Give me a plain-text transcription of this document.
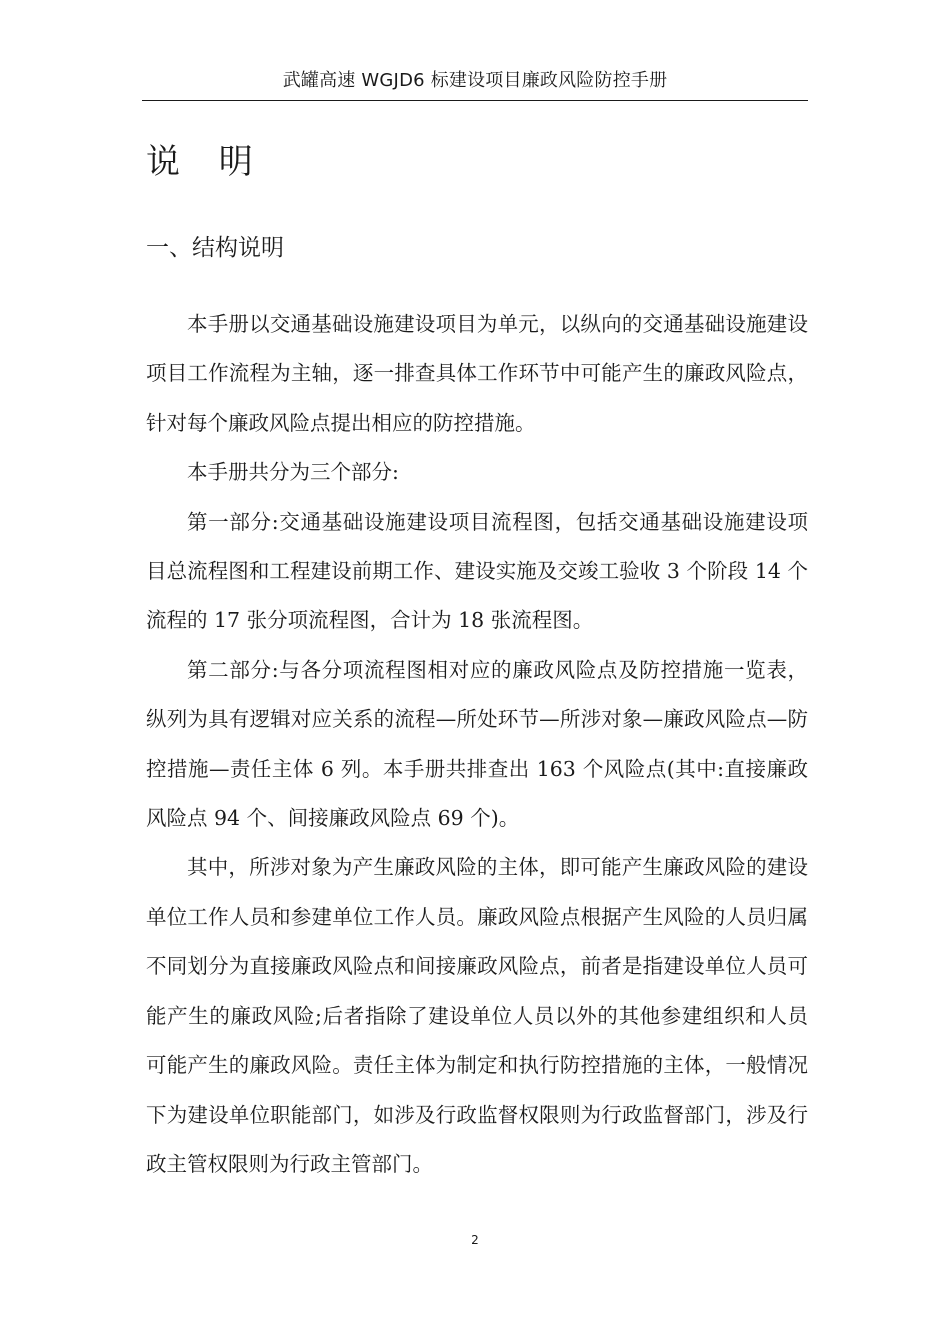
武罐高速 WGJD6 标建设项目廉政风险防控手册
说 明
一、结构说明

本手册以交通基础设施建设项目为单元，以纵向的交通基础设施建设项目工作流程为主轴，逐一排查具体工作环节中可能产生的廉政风险点，针对每个廉政风险点提出相应的防控措施。

本手册共分为三个部分:

第一部分:交通基础设施建设项目流程图，包括交通基础设施建设项目总流程图和工程建设前期工作、建设实施及交竣工验收 3 个阶段 14 个流程的 17 张分项流程图，合计为 18 张流程图。

第二部分:与各分项流程图相对应的廉政风险点及防控措施一览表，纵列为具有逻辑对应关系的流程—所处环节—所涉对象—廉政风险点—防控措施—责任主体 6 列。本手册共排查出 163 个风险点(其中:直接廉政风险点 94 个、间接廉政风险点 69 个)。

其中，所涉对象为产生廉政风险的主体，即可能产生廉政风险的建设单位工作人员和参建单位工作人员。廉政风险点根据产生风险的人员归属不同划分为直接廉政风险点和间接廉政风险点，前者是指建设单位人员可能产生的廉政风险;后者指除了建设单位人员以外的其他参建组织和人员可能产生的廉政风险。责任主体为制定和执行防控措施的主体，一般情况下为建设单位职能部门，如涉及行政监督权限则为行政监督部门，涉及行政主管权限则为行政主管部门。

2
